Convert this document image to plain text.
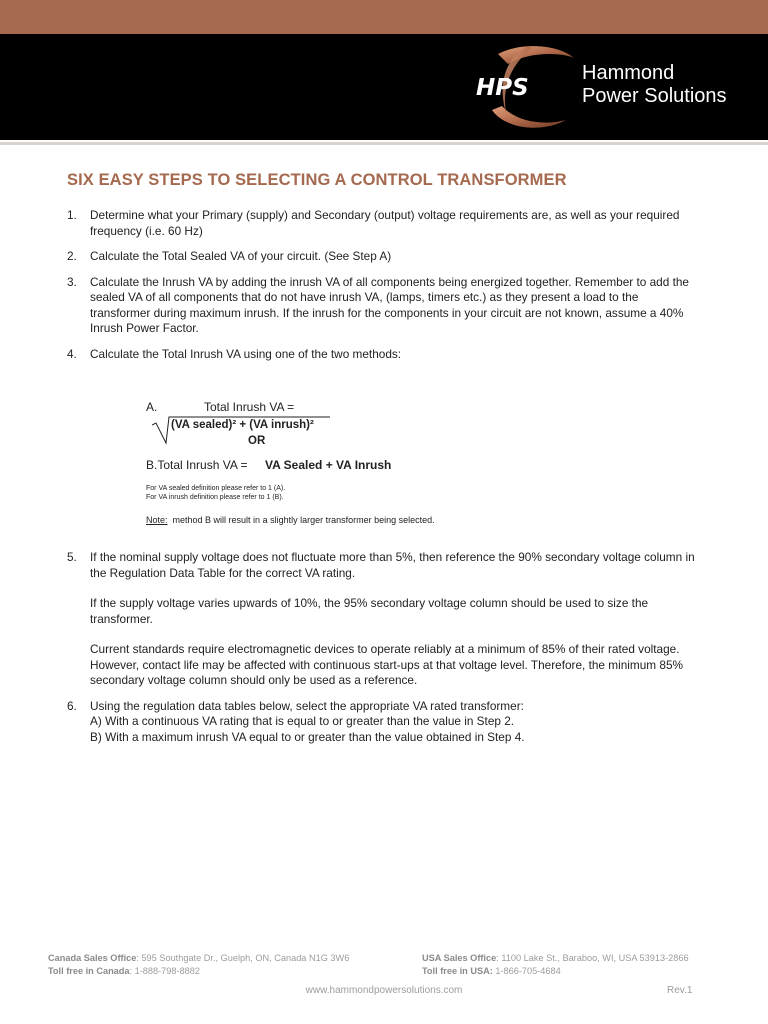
HPS
Hammond
Power Solutions
SIX EASY STEPS TO SELECTING A CONTROL TRANSFORMER
1. Determine what your Primary (supply) and Secondary (output) voltage requirements are, as well as your required frequency (i.e. 60 Hz)

2. Calculate the Total Sealed VA of your circuit. (See Step A)

3. Calculate the Inrush VA by adding the inrush VA of all components being energized together. Remember to add the sealed VA of all components that do not have inrush VA, (lamps, timers etc.) as they present a load to the transformer during maximum inrush. If the inrush for the components in your circuit are not known, assume a 40% Inrush Power Factor.

4. Calculate the Total Inrush VA using one of the two methods:

5. If the nominal supply voltage does not fluctuate more than 5%, then reference the 90% secondary voltage column in the Regulation Data Table for the correct VA rating.

If the supply voltage varies upwards of 10%, the 95% secondary voltage column should be used to size the transformer.

Current standards require electromagnetic devices to operate reliably at a minimum of 85% of their rated voltage. However, contact life may be affected with continuous start-ups at that voltage level. Therefore, the minimum 85% secondary voltage column should only be used as a reference.

6. Using the regulation data tables below, select the appropriate VA rated transformer:

A) With a continuous VA rating that is equal to or greater than the value in Step 2.

B) With a maximum inrush VA equal to or greater than the value obtained in Step 4.

A.	Total Inrush VA =
(VA sealed)² + (VA inrush)²
OR
B.Total Inrush VA = VA Sealed + VA Inrush
For VA sealed definition please refer to 1 (A).
For VA inrush definition please refer to 1 (B).
Note: method B will result in a slightly larger transformer being selected.
Canada Sales Office: 595 Southgate Dr., Guelph, ON, Canada N1G 3W6
Toll free in Canada: 1-888-798-8882
USA Sales Office: 1100 Lake St., Baraboo, WI, USA 53913-2866
Toll free in USA: 1-866-705-4684
www.hammondpowersolutions.com	Rev.1
